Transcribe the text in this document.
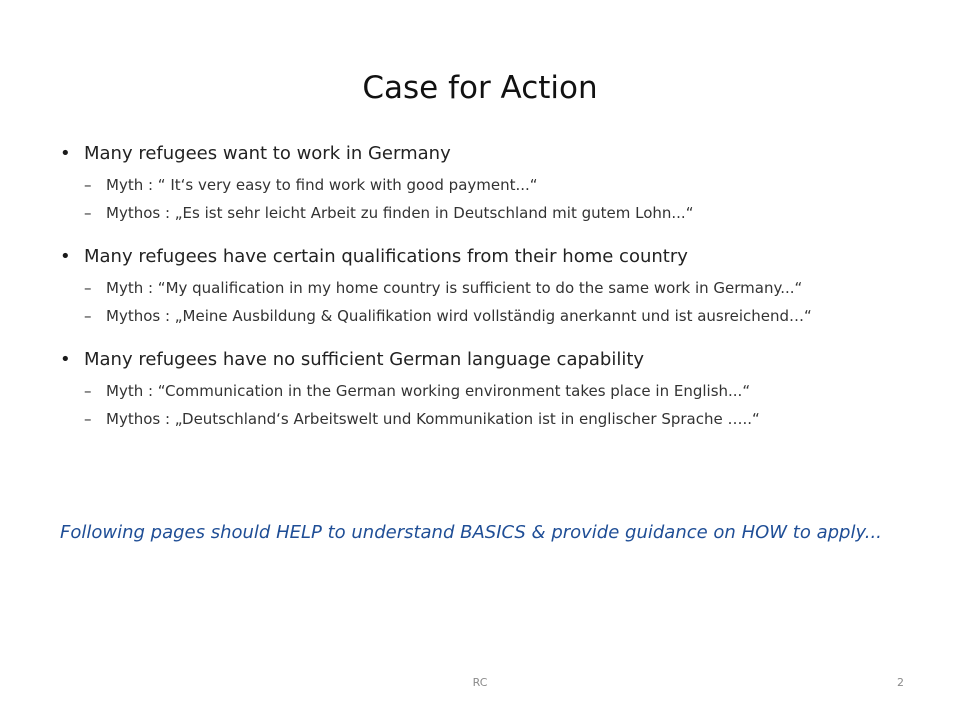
Case for Action
• Many refugees want to work in Germany
– Myth : “ It‘s very easy to find work with good payment...“
– Mythos : „Es ist sehr leicht Arbeit zu finden in Deutschland mit gutem Lohn...“
• Many refugees have certain qualifications from their home country
– Myth : “My qualification in my home country is sufficient to do the same work in Germany...“
– Mythos : „Meine Ausbildung & Qualifikation wird vollständig anerkannt und ist ausreichend…“
• Many refugees have no sufficient German language capability
– Myth : “Communication in the German working environment takes place in English...“
– Mythos : „Deutschland‘s Arbeitswelt und Kommunikation ist in englischer Sprache …..“
Following pages should HELP to understand BASICS & provide guidance on HOW to apply...
RC	2
